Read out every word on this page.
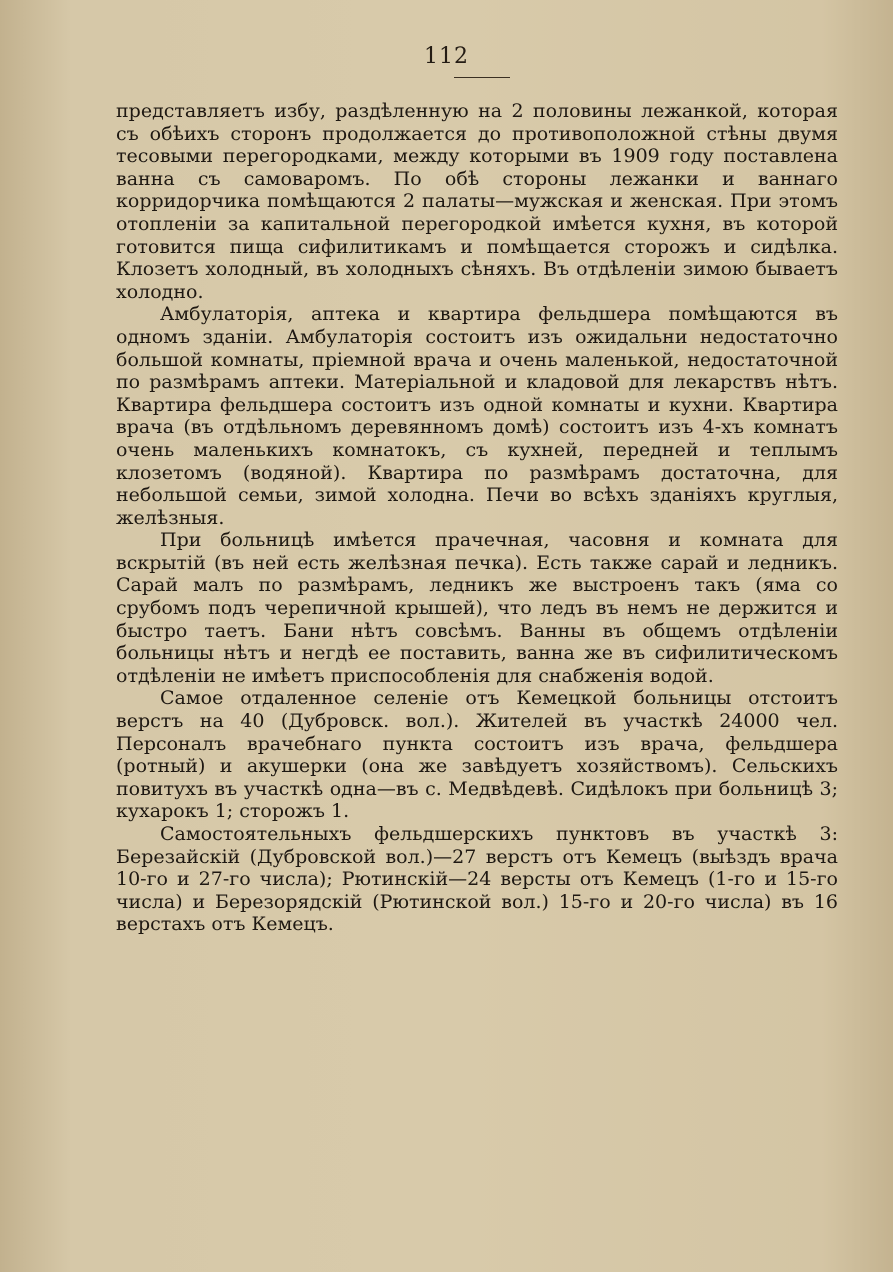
112

представляетъ избу, раздѣленную на 2 половины лежанкой, которая съ обѣихъ сторонъ продолжается до противоположной стѣны двумя тесовыми перегородками, между которыми въ 1909 году поставлена ванна съ самоваромъ. По обѣ стороны лежанки и ваннаго корридорчика помѣщаются 2 палаты—мужская и женская. При этомъ отопленіи за капитальной перегородкой имѣется кухня, въ которой готовится пища сифилитикамъ и помѣщается сторожъ и сидѣлка. Клозетъ холодный, въ холодныхъ сѣняхъ. Въ отдѣленіи зимою бываетъ холодно.

Амбулаторія, аптека и квартира фельдшера помѣщаются въ одномъ зданіи. Амбулаторія состоитъ изъ ожидальни недостаточно большой комнаты, пріемной врача и очень маленькой, недостаточной по размѣрамъ аптеки. Матеріальной и кладовой для лекарствъ нѣтъ. Квартира фельдшера состоитъ изъ одной комнаты и кухни. Квартира врача (въ отдѣльномъ деревянномъ домѣ) состоитъ изъ 4-хъ комнатъ очень маленькихъ комнатокъ, съ кухней, передней и теплымъ клозетомъ (водяной). Квартира по размѣрамъ достаточна, для небольшой семьи, зимой холодна. Печи во всѣхъ зданіяхъ круглыя, желѣзныя.

При больницѣ имѣется прачечная, часовня и комната для вскрытій (въ ней есть желѣзная печка). Есть также сарай и ледникъ. Сарай малъ по размѣрамъ, ледникъ же выстроенъ такъ (яма со срубомъ подъ черепичной крышей), что ледъ въ немъ не держится и быстро таетъ. Бани нѣтъ совсѣмъ. Ванны въ общемъ отдѣленіи больницы нѣтъ и негдѣ ее поставить, ванна же въ сифилитическомъ отдѣленіи не имѣетъ приспособленія для снабженія водой.

Самое отдаленное селеніе отъ Кемецкой больницы отстоитъ верстъ на 40 (Дубровск. вол.). Жителей въ участкѣ 24000 чел. Персоналъ врачебнаго пункта состоитъ изъ врача, фельдшера (ротный) и акушерки (она же завѣдуетъ хозяйствомъ). Сельскихъ повитухъ въ участкѣ одна—въ с. Медвѣдевѣ. Сидѣлокъ при больницѣ 3; кухарокъ 1; сторожъ 1.

Самостоятельныхъ фельдшерскихъ пунктовъ въ участкѣ 3: Березайскій (Дубровской вол.)—27 верстъ отъ Кемецъ (выѣздъ врача 10-го и 27-го числа); Рютинскій—24 версты отъ Кемецъ (1-го и 15-го числа) и Березорядскій (Рютинской вол.) 15-го и 20-го числа) въ 16 верстахъ отъ Кемецъ.
